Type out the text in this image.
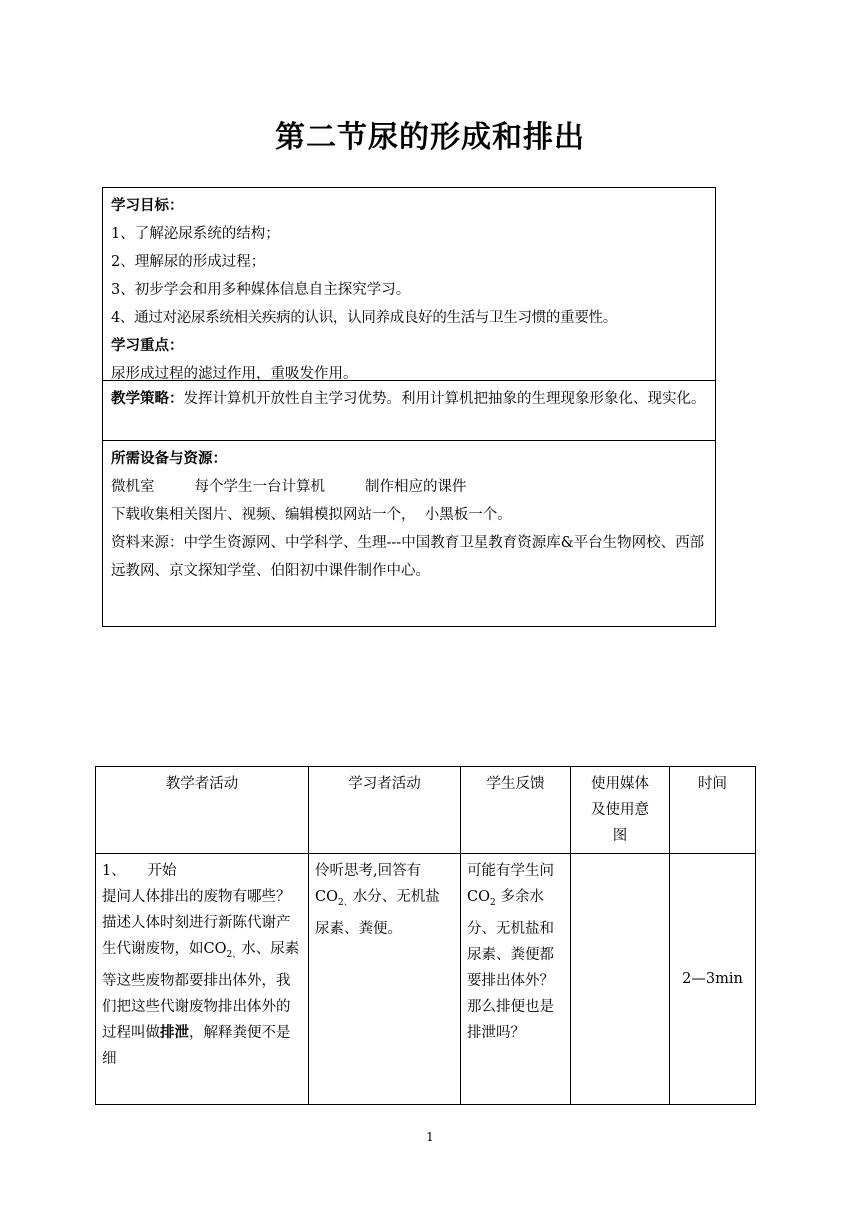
第二节尿的形成和排出

学习目标：

1、了解泌尿系统的结构；

2、理解尿的形成过程；

3、初步学会和用多种媒体信息自主探究学习。

4、通过对泌尿系统相关疾病的认识，认同养成良好的生活与卫生习惯的重要性。

学习重点：

尿形成过程的滤过作用，重吸发作用。

教学策略：发挥计算机开放性自主学习优势。利用计算机把抽象的生理现象形象化、现实化。

所需设备与资源：

微机室	每个学生一台计算机	制作相应的课件

下载收集相关图片、视频、编辑模拟网站一个，  小黑板一个。

资料来源：中学生资源网、中学科学、生理---中国教育卫星教育资源库&平台生物网校、西部远教网、京文探知学堂、伯阳初中课件制作中心。

教学者活动	学习者活动	学生反馈	使用媒体及使用意图	时间

1、　　开始
提问人体排出的废物有哪些？
描述人体时刻进行新陈代谢产生代谢废物，如$CO_{2、}$水、尿素等这些废物都要排出体外，我们把这些代谢废物排出体外的过程叫做排泄，解释粪便不是细	伶听思考,回答有$CO_{2、}$水分、无机盐尿素、粪便。	可能有学生问 $CO_2$ 多余水分、无机盐和尿素、粪便都要排出体外？那么排便也是排泄吗？		2—3min
1
